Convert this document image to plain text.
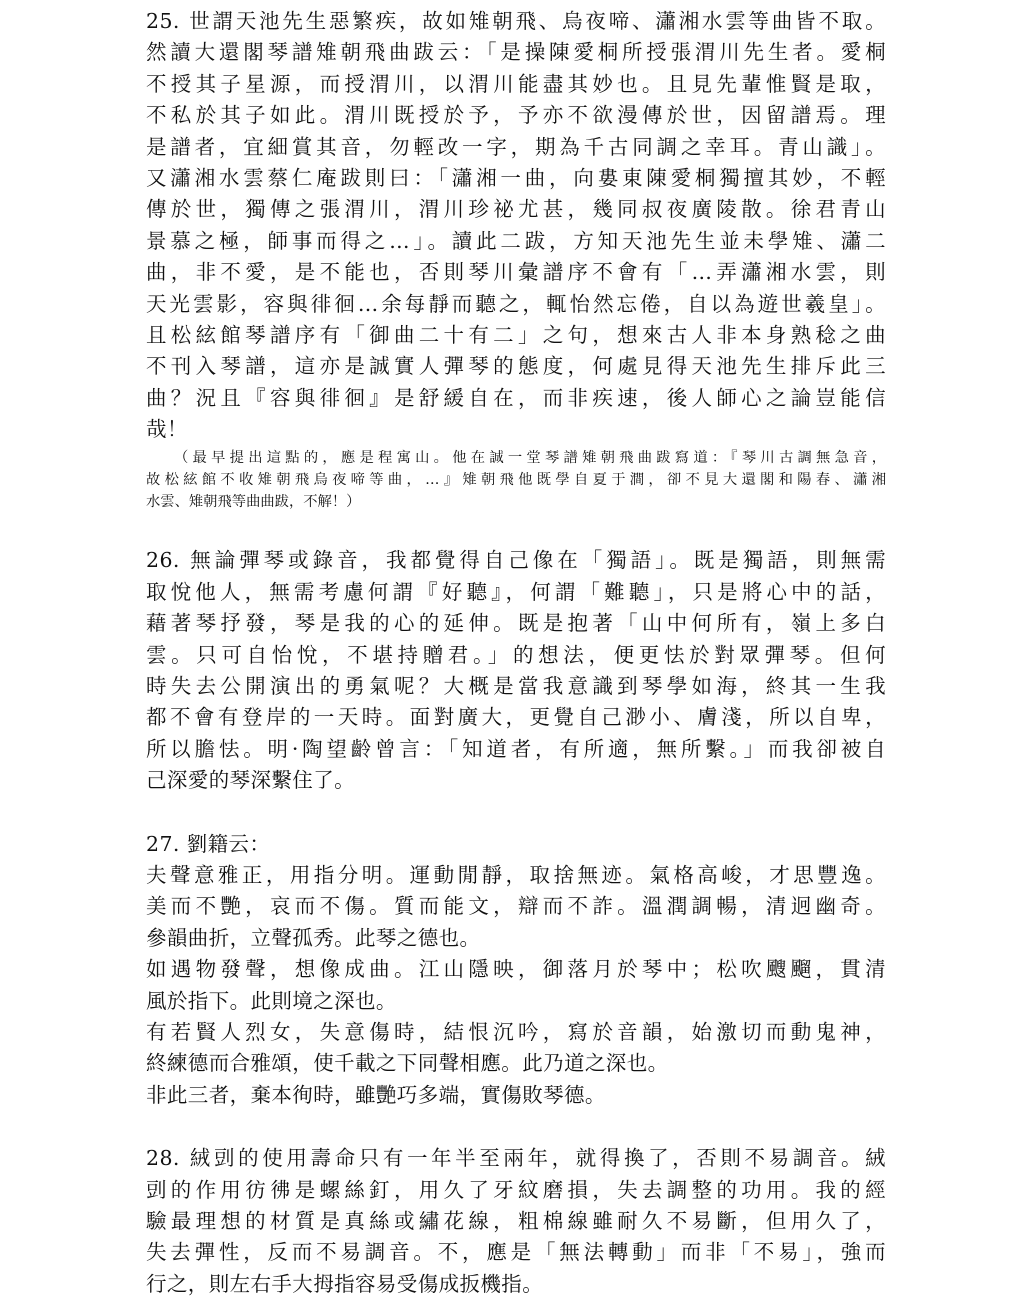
25. 世謂天池先生惡繁疾，故如雉朝飛、烏夜啼、瀟湘水雲等曲皆不取。
然讀大還閣琴譜雉朝飛曲跋云：「是操陳愛桐所授張渭川先生者。愛桐
不授其子星源，而授渭川，以渭川能盡其妙也。且見先輩惟賢是取，
不私於其子如此。渭川既授於予，予亦不欲漫傳於世，因留譜焉。理
是譜者，宜細賞其音，勿輕改一字，期為千古同調之幸耳。青山識」。
又瀟湘水雲蔡仁庵跋則曰：「瀟湘一曲，向婁東陳愛桐獨擅其妙，不輕
傳於世，獨傳之張渭川，渭川珍祕尤甚，幾同叔夜廣陵散。徐君青山
景慕之極，師事而得之…」。讀此二跋，方知天池先生並未學雉、瀟二
曲，非不愛，是不能也，否則琴川彙譜序不會有「…弄瀟湘水雲，則
天光雲影，容與徘徊…余每靜而聽之，輒怡然忘倦，自以為遊世羲皇」。
且松絃館琴譜序有「御曲二十有二」之句，想來古人非本身熟稔之曲
不刊入琴譜，這亦是誠實人彈琴的態度，何處見得天池先生排斥此三
曲？況且『容與徘徊』是舒緩自在，而非疾速，後人師心之論豈能信
哉！
（最早提出這點的，應是程寓山。他在誠一堂琴譜雉朝飛曲跋寫道：『琴川古調無急音，
故松絃館不收雉朝飛烏夜啼等曲，…』雉朝飛他既學自夏于澗，卻不見大還閣和陽春、瀟湘
水雲、雉朝飛等曲曲跋，不解！）
26. 無論彈琴或錄音，我都覺得自己像在「獨語」。既是獨語，則無需
取悅他人，無需考慮何謂『好聽』，何謂「難聽」，只是將心中的話，
藉著琴抒發，琴是我的心的延伸。既是抱著「山中何所有，嶺上多白
雲。只可自怡悅，不堪持贈君。」的想法，便更怯於對眾彈琴。但何
時失去公開演出的勇氣呢？大概是當我意識到琴學如海，終其一生我
都不會有登岸的一天時。面對廣大，更覺自己渺小、膚淺，所以自卑，
所以膽怯。明·陶望齡曾言：「知道者，有所適，無所繫。」而我卻被自
己深愛的琴深繫住了。
27. 劉籍云：
夫聲意雅正，用指分明。運動閒靜，取捨無迹。氣格高峻，才思豐逸。
美而不艷，哀而不傷。質而能文，辯而不詐。溫潤調暢，清迥幽奇。
參韻曲折，立聲孤秀。此琴之德也。
如遇物發聲，想像成曲。江山隱映，御落月於琴中；松吹颼飀，貫清
風於指下。此則境之深也。
有若賢人烈女，失意傷時，結恨沉吟，寫於音韻，始激切而動鬼神，
終練德而合雅頌，使千載之下同聲相應。此乃道之深也。
非此三者，棄本徇時，雖艷巧多端，實傷敗琴德。
28. 絨剅的使用壽命只有一年半至兩年，就得換了，否則不易調音。絨
剅的作用彷彿是螺絲釘，用久了牙紋磨損，失去調整的功用。我的經
驗最理想的材質是真絲或繡花線，粗棉線雖耐久不易斷，但用久了，
失去彈性，反而不易調音。不，應是「無法轉動」而非「不易」，強而
行之，則左右手大拇指容易受傷成扳機指。
